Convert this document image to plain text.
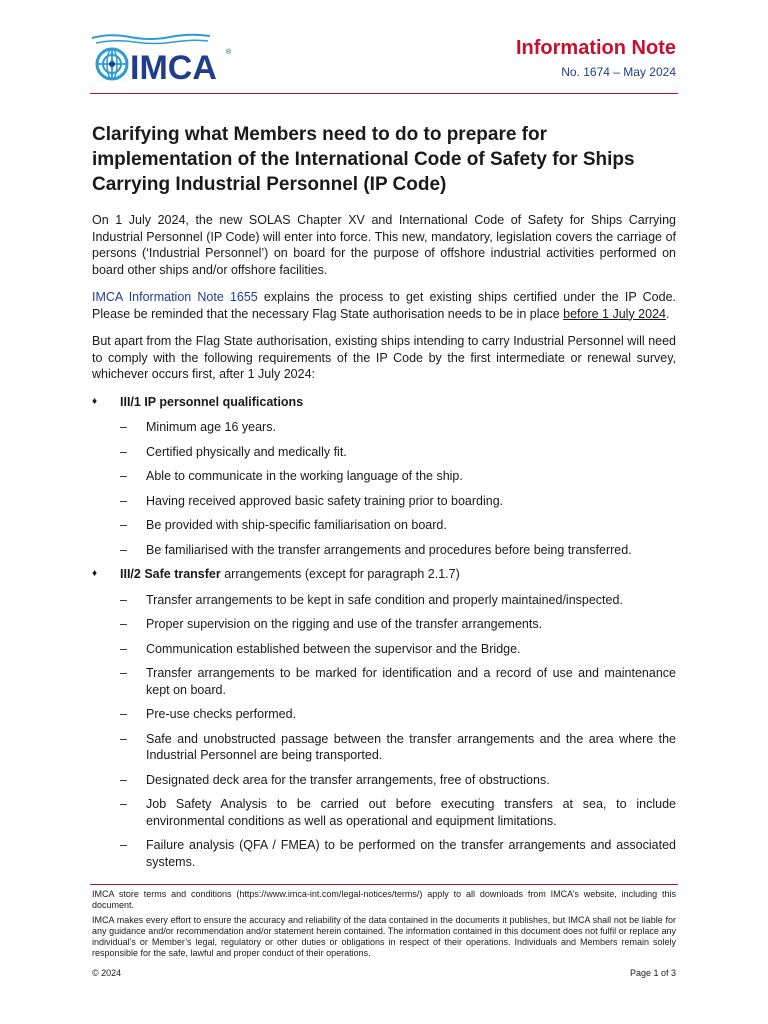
IMCA ®	Information Note
No. 1674 – May 2024
Clarifying what Members need to do to prepare for implementation of the International Code of Safety for Ships Carrying Industrial Personnel (IP Code)

On 1 July 2024, the new SOLAS Chapter XV and International Code of Safety for Ships Carrying Industrial Personnel (IP Code) will enter into force. This new, mandatory, legislation covers the carriage of persons (‘Industrial Personnel’) on board for the purpose of offshore industrial activities performed on board other ships and/or offshore facilities.

IMCA Information Note 1655 explains the process to get existing ships certified under the IP Code. Please be reminded that the necessary Flag State authorisation needs to be in place before 1 July 2024.

But apart from the Flag State authorisation, existing ships intending to carry Industrial Personnel will need to comply with the following requirements of the IP Code by the first intermediate or renewal survey, whichever occurs first, after 1 July 2024:

♦ III/1 IP personnel qualifications
– Minimum age 16 years.
– Certified physically and medically fit.
– Able to communicate in the working language of the ship.
– Having received approved basic safety training prior to boarding.
– Be provided with ship-specific familiarisation on board.
– Be familiarised with the transfer arrangements and procedures before being transferred.
♦ III/2 Safe transfer arrangements (except for paragraph 2.1.7)
– Transfer arrangements to be kept in safe condition and properly maintained/inspected.
– Proper supervision on the rigging and use of the transfer arrangements.
– Communication established between the supervisor and the Bridge.
– Transfer arrangements to be marked for identification and a record of use and maintenance kept on board.
– Pre-use checks performed.
– Safe and unobstructed passage between the transfer arrangements and the area where the Industrial Personnel are being transported.
– Designated deck area for the transfer arrangements, free of obstructions.
– Job Safety Analysis to be carried out before executing transfers at sea, to include environmental conditions as well as operational and equipment limitations.
– Failure analysis (QFA / FMEA) to be performed on the transfer arrangements and associated systems.

IMCA store terms and conditions (https://www.imca-int.com/legal-notices/terms/) apply to all downloads from IMCA’s website, including this document.

IMCA makes every effort to ensure the accuracy and reliability of the data contained in the documents it publishes, but IMCA shall not be liable for any guidance and/or recommendation and/or statement herein contained. The information contained in this document does not fulfil or replace any individual’s or Member’s legal, regulatory or other duties or obligations in respect of their operations. Individuals and Members remain solely responsible for the safe, lawful and proper conduct of their operations.

© 2024	Page 1 of 3
